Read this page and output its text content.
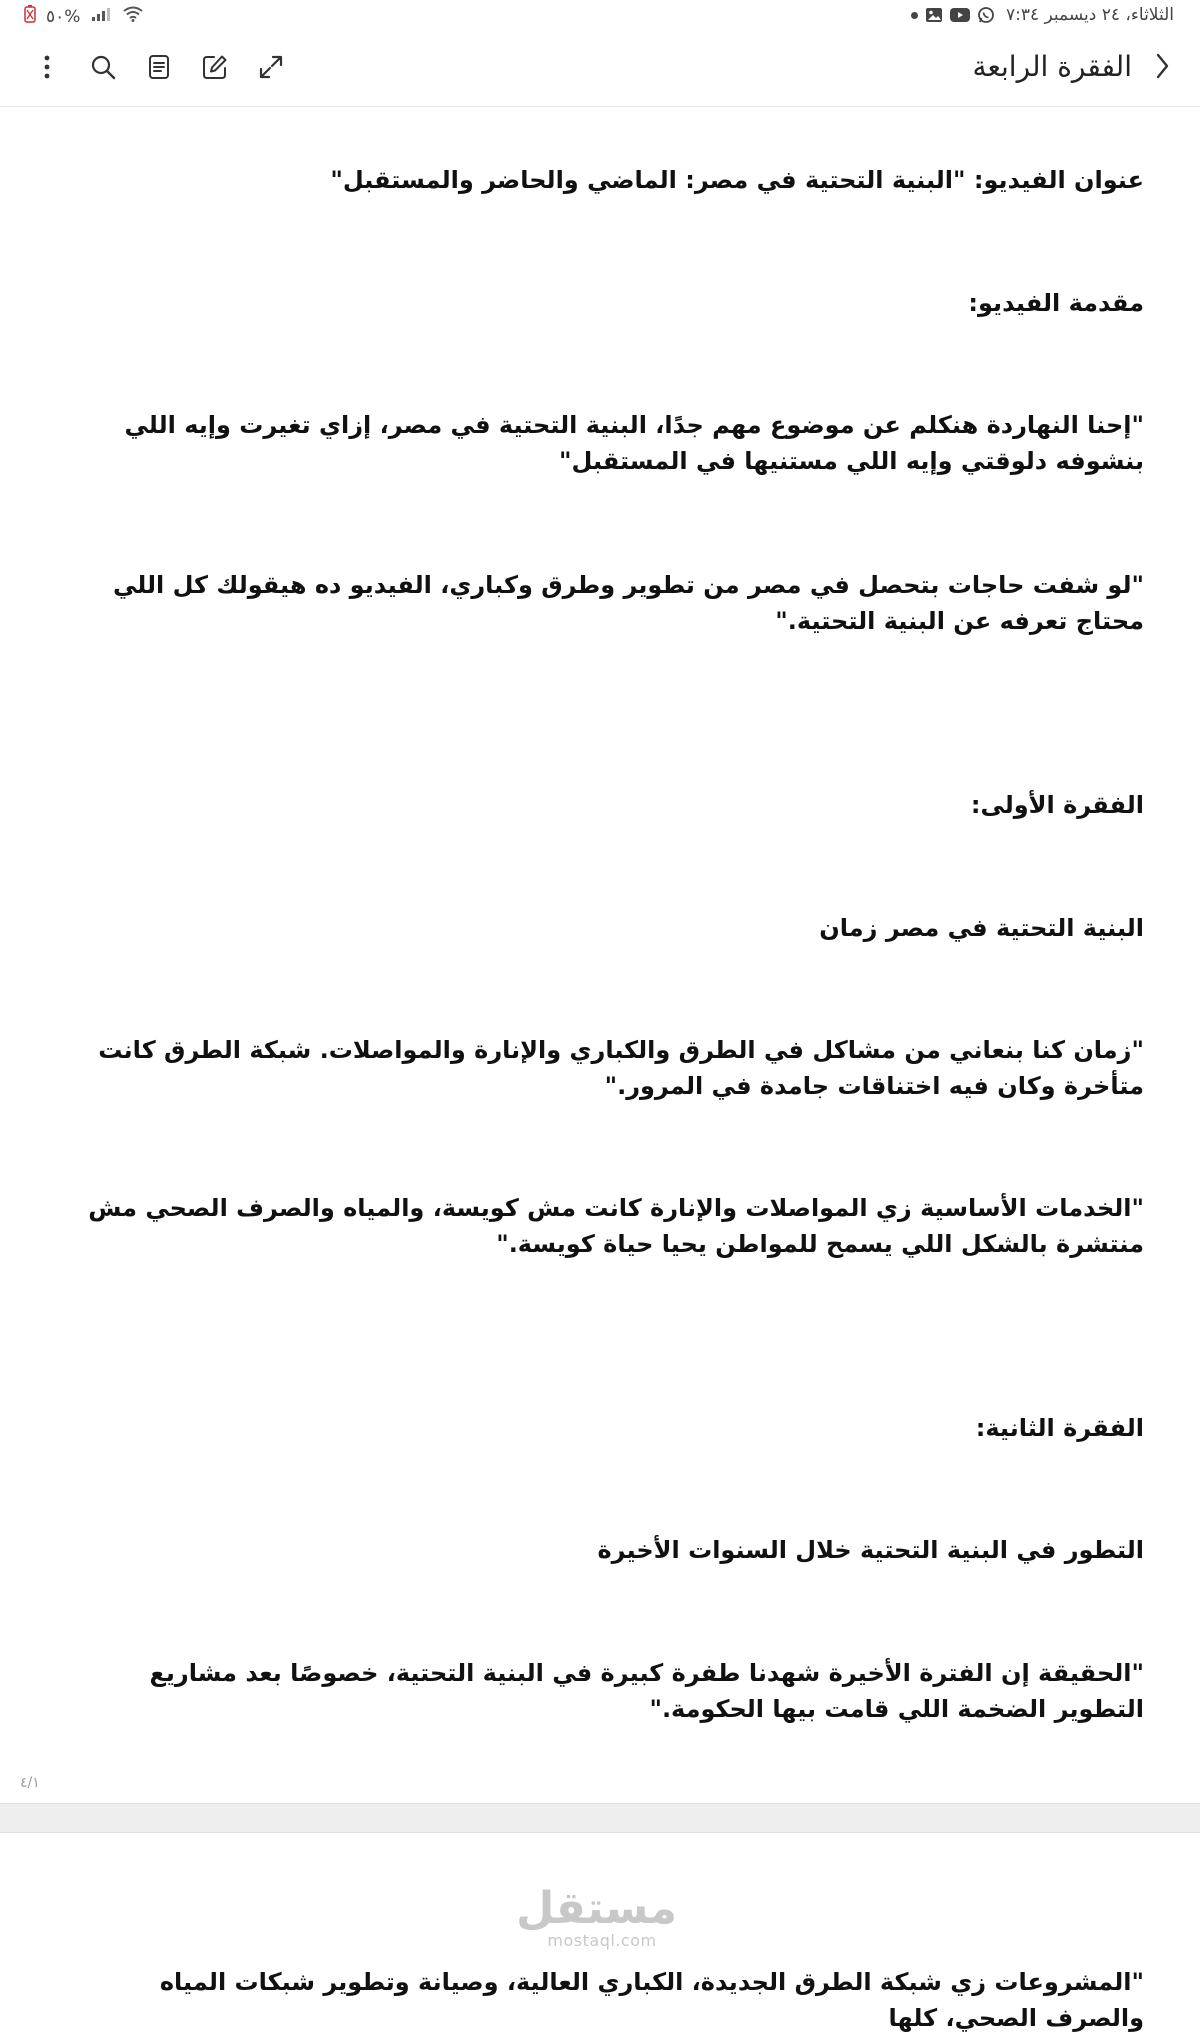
٥٠%	الثلاثاء، ٢٤ ديسمبر ٧:٣٤
الفقرة الرابعة

عنوان الفيديو: "البنية التحتية في مصر: الماضي والحاضر والمستقبل"

مقدمة الفيديو:

"إحنا النهاردة هنكلم عن موضوع مهم جدًا، البنية التحتية في مصر، إزاي تغيرت وإيه اللي بنشوفه دلوقتي وإيه اللي مستنيها في المستقبل"

"لو شفت حاجات بتحصل في مصر من تطوير وطرق وكباري، الفيديو ده هيقولك كل اللي محتاج تعرفه عن البنية التحتية."

الفقرة الأولى:

البنية التحتية في مصر زمان

"زمان كنا بنعاني من مشاكل في الطرق والكباري والإنارة والمواصلات. شبكة الطرق كانت متأخرة وكان فيه اختناقات جامدة في المرور."

"الخدمات الأساسية زي المواصلات والإنارة كانت مش كويسة، والمياه والصرف الصحي مش منتشرة بالشكل اللي يسمح للمواطن يحيا حياة كويسة."

الفقرة الثانية:

التطور في البنية التحتية خلال السنوات الأخيرة

"الحقيقة إن الفترة الأخيرة شهدنا طفرة كبيرة في البنية التحتية، خصوصًا بعد مشاريع التطوير الضخمة اللي قامت بيها الحكومة."

٤/١

"المشروعات زي شبكة الطرق الجديدة، الكباري العالية، وصيانة وتطوير شبكات المياه والصرف الصحي، كلها

مستقل
mostaql.com
